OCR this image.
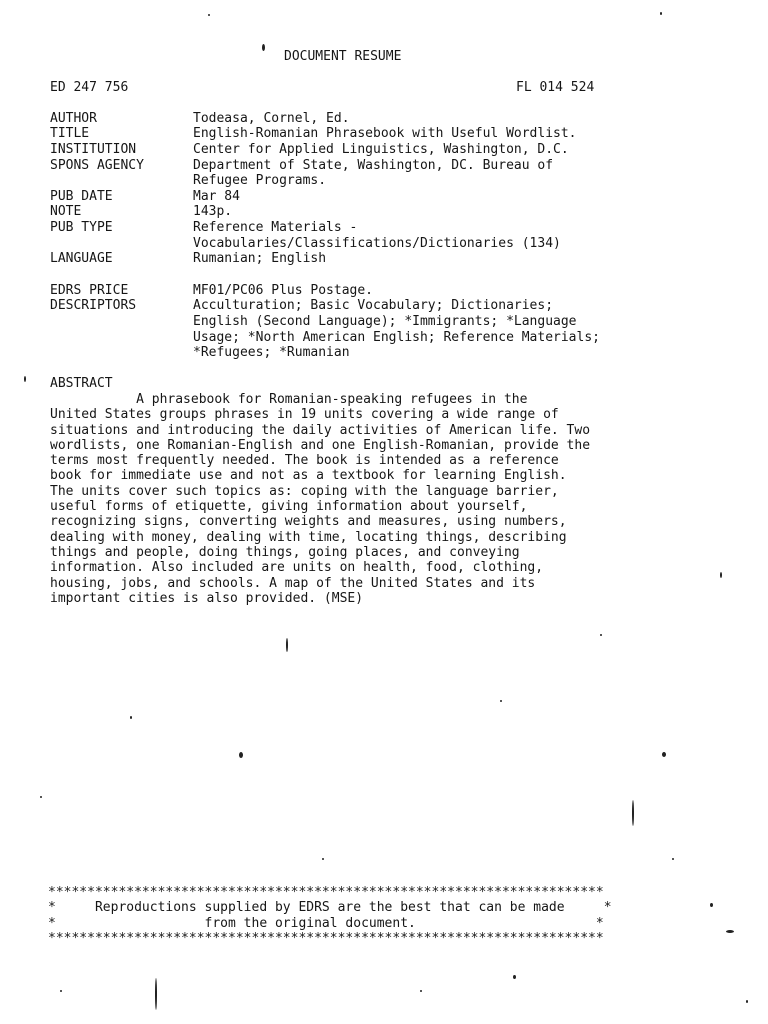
DOCUMENT RESUME
ED 247 756	FL 014 524
AUTHOR	Todeasa, Cornel, Ed.
TITLE	English-Romanian Phrasebook with Useful Wordlist.
INSTITUTION	Center for Applied Linguistics, Washington, D.C.
SPONS AGENCY	Department of State, Washington, DC. Bureau of
Refugee Programs.
PUB DATE	Mar 84
NOTE	143p.
PUB TYPE	Reference Materials -
Vocabularies/Classifications/Dictionaries (134)
LANGUAGE	Rumanian; English
EDRS PRICE	MF01/PC06 Plus Postage.
DESCRIPTORS	Acculturation; Basic Vocabulary; Dictionaries;
English (Second Language); *Immigrants; *Language
Usage; *North American English; Reference Materials;
*Refugees; *Rumanian
ABSTRACT
A phrasebook for Romanian-speaking refugees in the
United States groups phrases in 19 units covering a wide range of
situations and introducing the daily activities of American life. Two
wordlists, one Romanian-English and one English-Romanian, provide the
terms most frequently needed. The book is intended as a reference
book for immediate use and not as a textbook for learning English.
The units cover such topics as: coping with the language barrier,
useful forms of etiquette, giving information about yourself,
recognizing signs, converting weights and measures, using numbers,
dealing with money, dealing with time, locating things, describing
things and people, doing things, going places, and conveying
information. Also included are units on health, food, clothing,
housing, jobs, and schools. A map of the United States and its
important cities is also provided. (MSE)
***********************************************************************
*     Reproductions supplied by EDRS are the best that can be made     *
*                   from the original document.                       *
***********************************************************************
